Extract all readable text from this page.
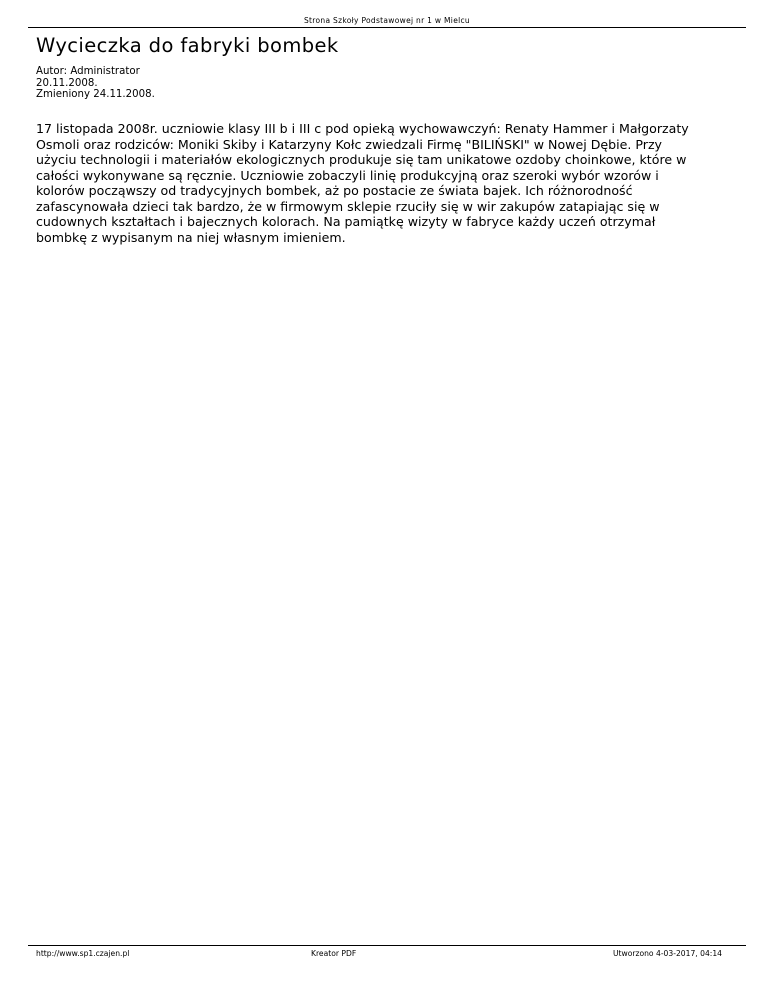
Strona Szkoły Podstawowej nr 1 w Mielcu
Wycieczka do fabryki bombek
Autor: Administrator
20.11.2008.
Zmieniony 24.11.2008.
17 listopada 2008r. uczniowie klasy III b i III c pod opieką wychowawczyń: Renaty Hammer i Małgorzaty
Osmoli oraz rodziców: Moniki Skiby i Katarzyny Kołc zwiedzali Firmę "BILIŃSKI" w Nowej Dębie. Przy
użyciu technologii i materiałów ekologicznych produkuje się tam unikatowe ozdoby choinkowe, które w
całości wykonywane są ręcznie. Uczniowie zobaczyli linię produkcyjną oraz szeroki wybór wzorów i
kolorów począwszy od tradycyjnych bombek, aż po postacie ze świata bajek. Ich różnorodność
zafascynowała dzieci tak bardzo, że w firmowym sklepie rzuciły się w wir zakupów zatapiając się w
cudownych kształtach i bajecznych kolorach. Na pamiątkę wizyty w fabryce każdy uczeń otrzymał
bombkę z wypisanym na niej własnym imieniem.
http://www.sp1.czajen.pl	Kreator PDF	Utworzono 4-03-2017, 04:14
